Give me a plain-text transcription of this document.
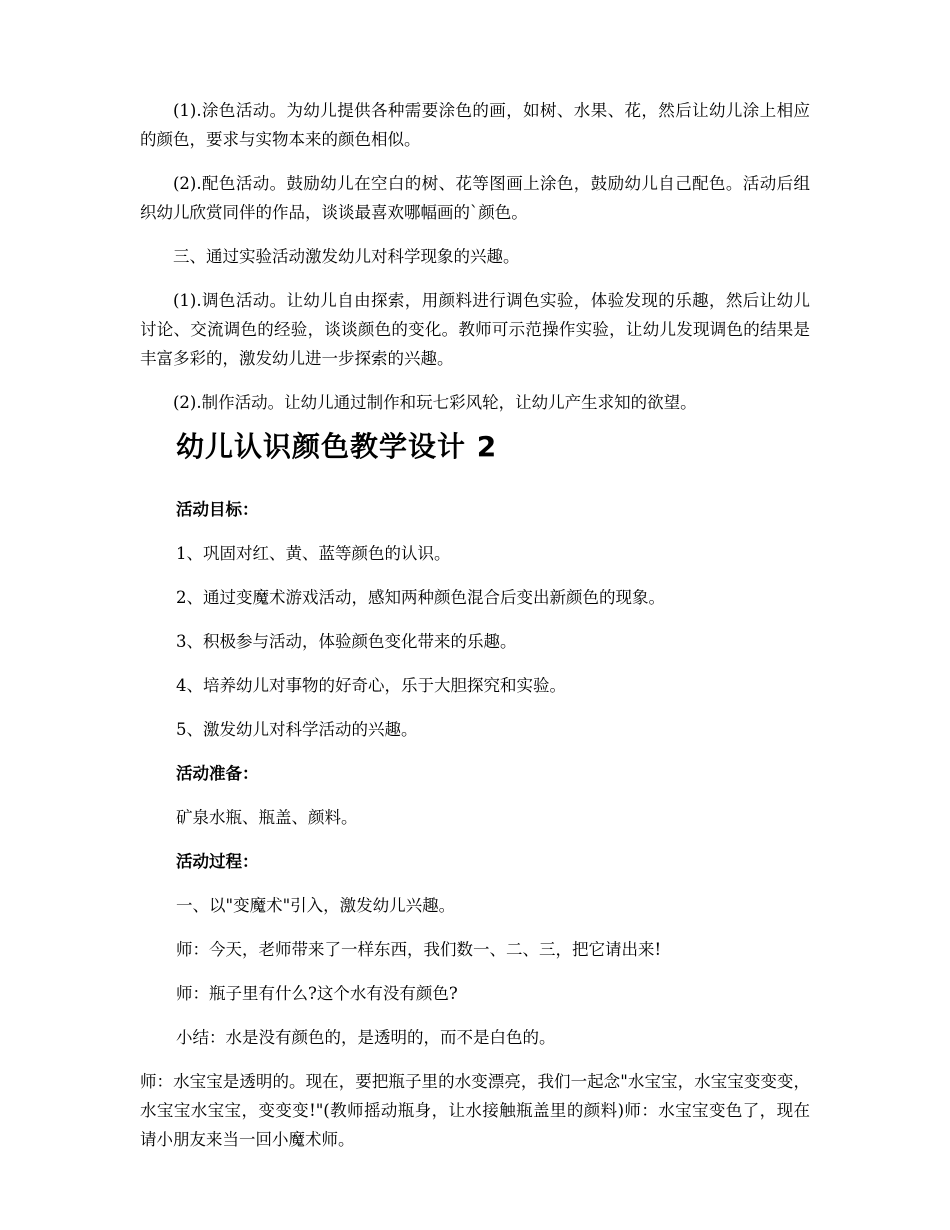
(1).涂色活动。为幼儿提供各种需要涂色的画，如树、水果、花，然后让幼儿涂上相应的颜色，要求与实物本来的颜色相似。

(2).配色活动。鼓励幼儿在空白的树、花等图画上涂色，鼓励幼儿自己配色。活动后组织幼儿欣赏同伴的作品，谈谈最喜欢哪幅画的`颜色。

三、通过实验活动激发幼儿对科学现象的兴趣。

(1).调色活动。让幼儿自由探索，用颜料进行调色实验，体验发现的乐趣，然后让幼儿讨论、交流调色的经验，谈谈颜色的变化。教师可示范操作实验，让幼儿发现调色的结果是丰富多彩的，激发幼儿进一步探索的兴趣。

(2).制作活动。让幼儿通过制作和玩七彩风轮，让幼儿产生求知的欲望。

幼儿认识颜色教学设计 2
活动目标：
1、巩固对红、黄、蓝等颜色的认识。
2、通过变魔术游戏活动，感知两种颜色混合后变出新颜色的现象。
3、积极参与活动，体验颜色变化带来的乐趣。
4、培养幼儿对事物的好奇心，乐于大胆探究和实验。
5、激发幼儿对科学活动的兴趣。
活动准备：
矿泉水瓶、瓶盖、颜料。
活动过程：
一、以"变魔术"引入，激发幼儿兴趣。
师：今天，老师带来了一样东西，我们数一、二、三，把它请出来!
师：瓶子里有什么?这个水有没有颜色?
小结：水是没有颜色的，是透明的，而不是白色的。

师：水宝宝是透明的。现在，要把瓶子里的水变漂亮，我们一起念"水宝宝，水宝宝变变变，水宝宝水宝宝，变变变!"(教师摇动瓶身，让水接触瓶盖里的颜料)师：水宝宝变色了，现在请小朋友来当一回小魔术师。
